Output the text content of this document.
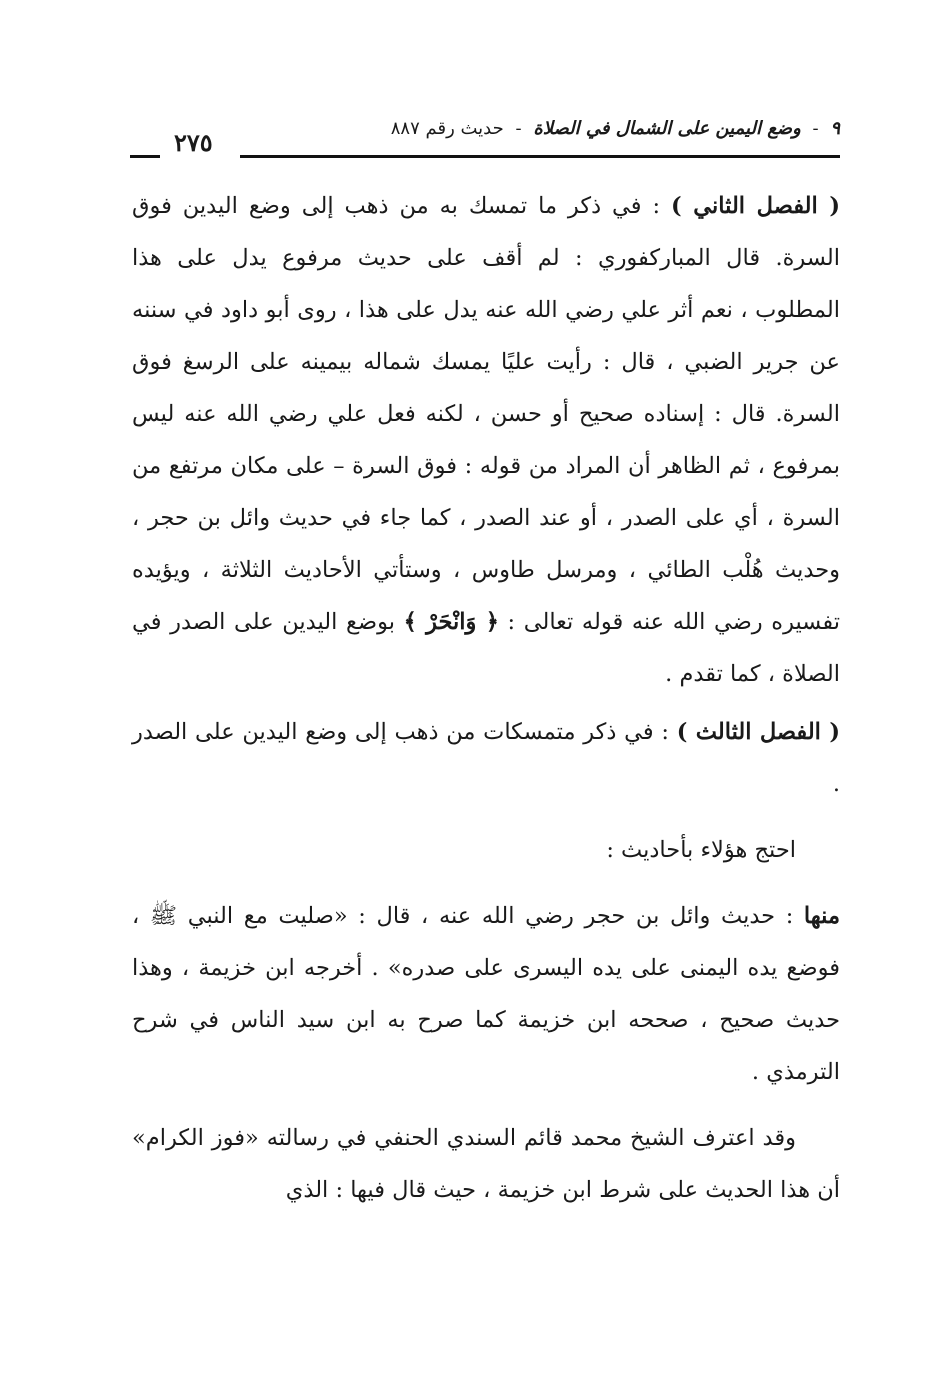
٩ - وضع اليمين على الشمال في الصلاة - حديث رقم ٨٨٧
٢٧٥

( الفصل الثاني ) : في ذكر ما تمسك به من ذهب إلى وضع اليدين فوق السرة. قال المباركفوري : لم أقف على حديث مرفوع يدل على هذا المطلوب ، نعم أثر علي رضي الله عنه يدل على هذا ، روى أبو داود في سننه عن جرير الضبي ، قال : رأيت عليًا يمسك شماله بيمينه على الرسغ فوق السرة. قال : إسناده صحيح أو حسن ، لكنه فعل علي رضي الله عنه ليس بمرفوع ، ثم الظاهر أن المراد من قوله : فوق السرة – على مكان مرتفع من السرة ، أي على الصدر ، أو عند الصدر ، كما جاء في حديث وائل بن حجر ، وحديث هُلْب الطائي ، ومرسل طاوس ، وستأتي الأحاديث الثلاثة ، ويؤيده تفسيره رضي الله عنه قوله تعالى : ﴿ وَانْحَرْ ﴾ بوضع اليدين على الصدر في الصلاة ، كما تقدم .

( الفصل الثالث ) : في ذكر متمسكات من ذهب إلى وضع اليدين على الصدر .

احتج هؤلاء بأحاديث :

منها : حديث وائل بن حجر رضي الله عنه ، قال : «صليت مع النبي ﷺ ، فوضع يده اليمنى على يده اليسرى على صدره» . أخرجه ابن خزيمة ، وهذا حديث صحيح ، صححه ابن خزيمة كما صرح به ابن سيد الناس في شرح الترمذي .

وقد اعترف الشيخ محمد قائم السندي الحنفي في رسالته «فوز الكرام» أن هذا الحديث على شرط ابن خزيمة ، حيث قال فيها : الذي
